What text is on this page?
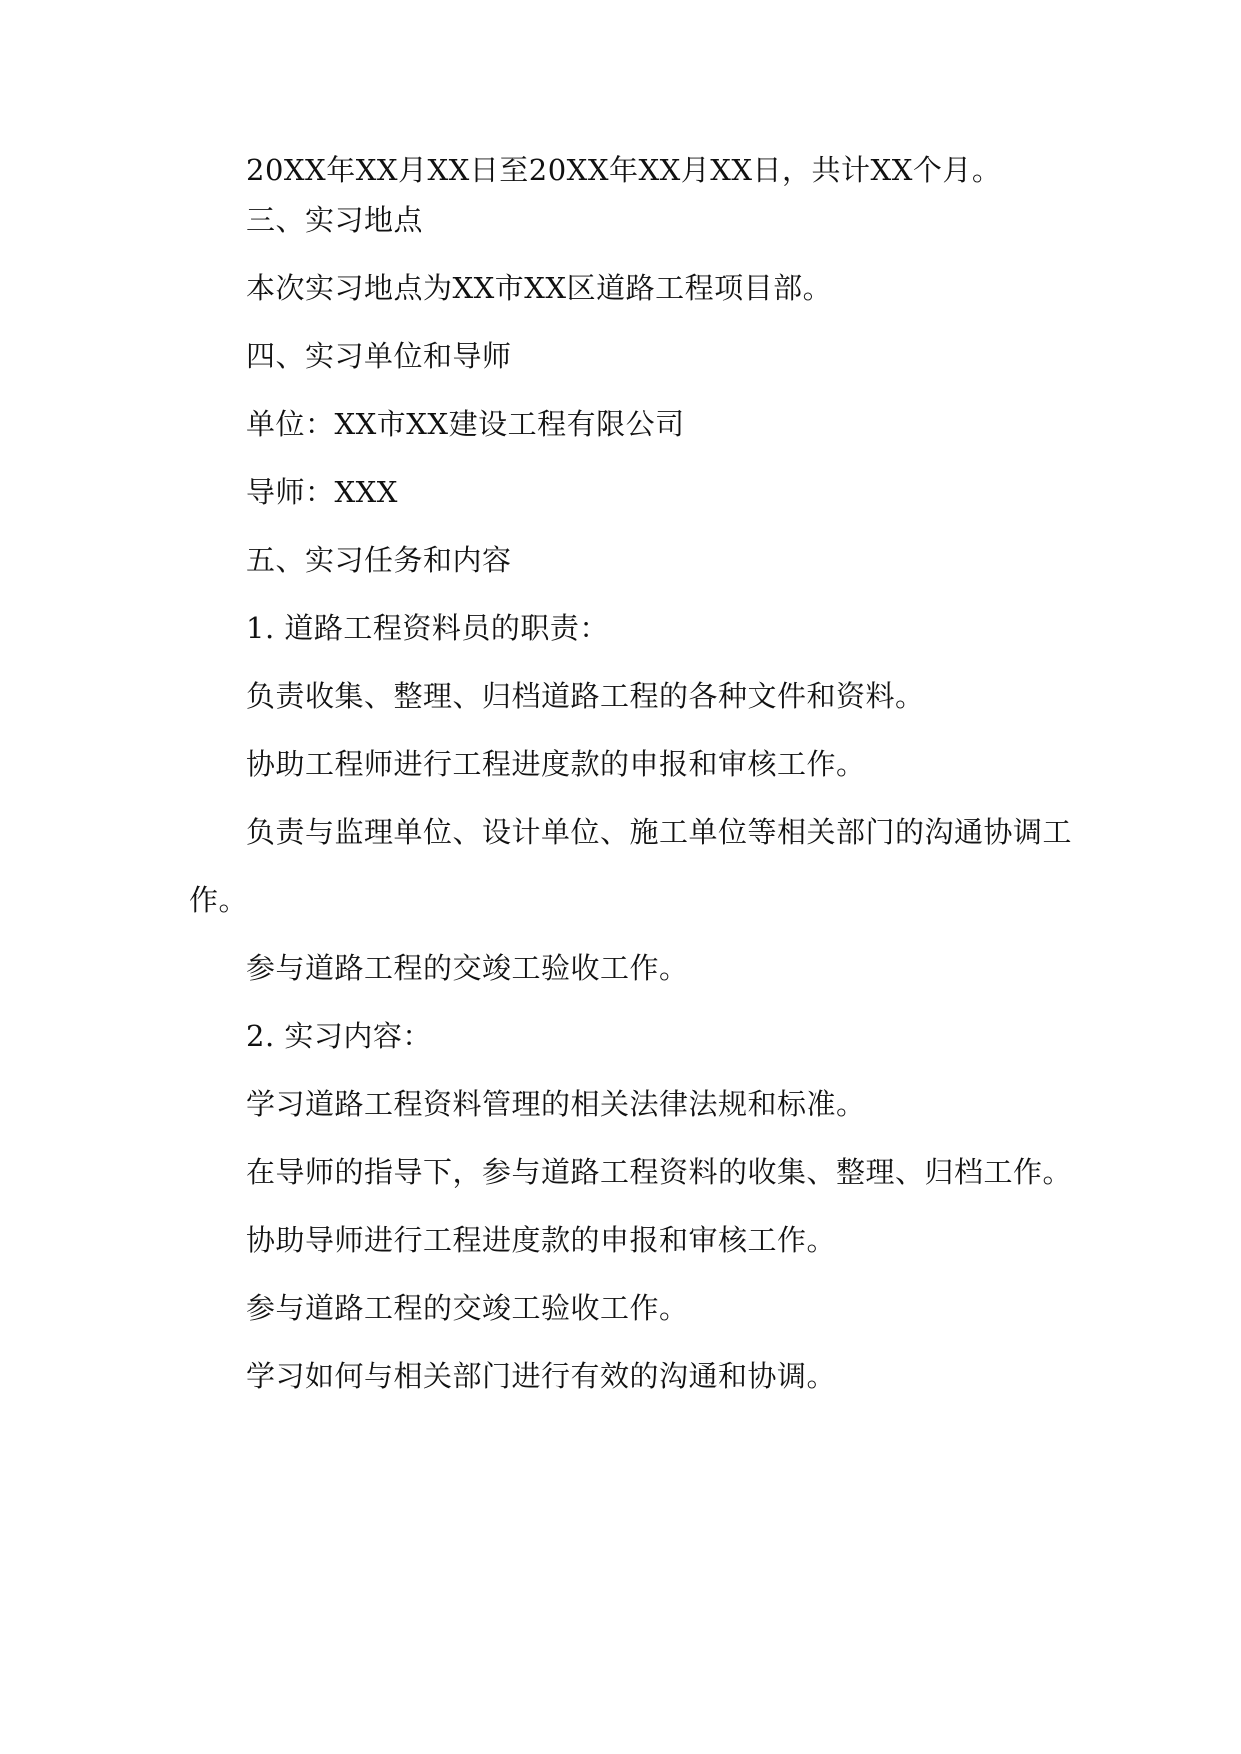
20XX年XX月XX日至20XX年XX月XX日，共计XX个月。
三、实习地点
本次实习地点为XX市XX区道路工程项目部。
四、实习单位和导师
单位：XX市XX建设工程有限公司
导师：XXX
五、实习任务和内容
1. 道路工程资料员的职责：
负责收集、整理、归档道路工程的各种文件和资料。
协助工程师进行工程进度款的申报和审核工作。
负责与监理单位、设计单位、施工单位等相关部门的沟通协调工
作。
参与道路工程的交竣工验收工作。
2. 实习内容：
学习道路工程资料管理的相关法律法规和标准。
在导师的指导下，参与道路工程资料的收集、整理、归档工作。
协助导师进行工程进度款的申报和审核工作。
参与道路工程的交竣工验收工作。
学习如何与相关部门进行有效的沟通和协调。
